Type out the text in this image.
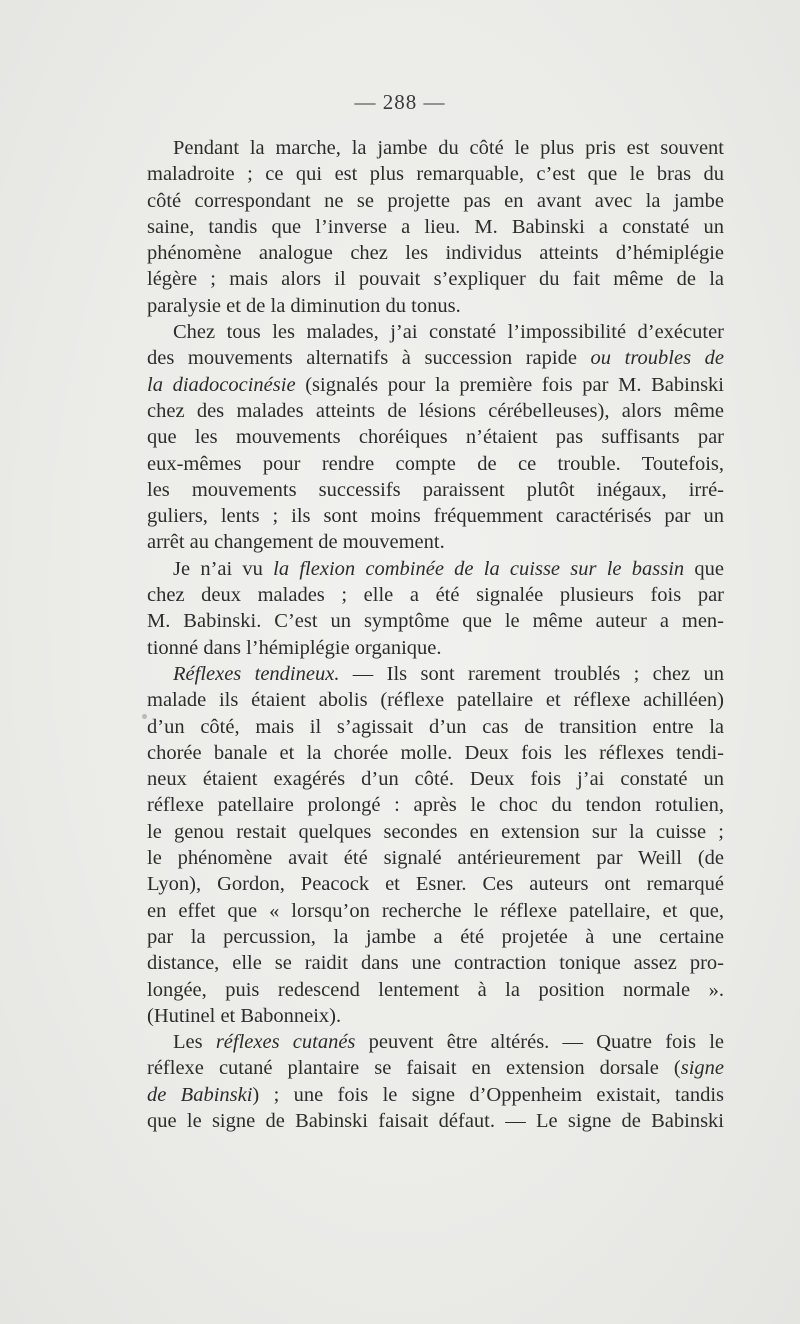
— 288 —

Pendant la marche, la jambe du côté le plus pris est souvent
maladroite ; ce qui est plus remarquable, c’est que le bras du
côté correspondant ne se projette pas en avant avec la jambe
saine, tandis que l’inverse a lieu. M. Babinski a constaté un
phénomène analogue chez les individus atteints d’hémiplégie
légère ; mais alors il pouvait s’expliquer du fait même de la
paralysie et de la diminution du tonus.

Chez tous les malades, j’ai constaté l’impossibilité d’exécuter
des mouvements alternatifs à succession rapide ou troubles de
la diadococinésie (signalés pour la première fois par M. Babinski
chez des malades atteints de lésions cérébelleuses), alors même
que les mouvements choréiques n’étaient pas suffisants par
eux-mêmes pour rendre compte de ce trouble. Toutefois,
les mouvements successifs paraissent plutôt inégaux, irré-
guliers, lents ; ils sont moins fréquemment caractérisés par un
arrêt au changement de mouvement.

Je n’ai vu la flexion combinée de la cuisse sur le bassin que
chez deux malades ; elle a été signalée plusieurs fois par
M. Babinski. C’est un symptôme que le même auteur a men-
tionné dans l’hémiplégie organique.

Réflexes tendineux. — Ils sont rarement troublés ; chez un
malade ils étaient abolis (réflexe patellaire et réflexe achilléen)
d’un côté, mais il s’agissait d’un cas de transition entre la
chorée banale et la chorée molle. Deux fois les réflexes tendi-
neux étaient exagérés d’un côté. Deux fois j’ai constaté un
réflexe patellaire prolongé : après le choc du tendon rotulien,
le genou restait quelques secondes en extension sur la cuisse ;
le phénomène avait été signalé antérieurement par Weill (de
Lyon), Gordon, Peacock et Esner. Ces auteurs ont remarqué
en effet que « lorsqu’on recherche le réflexe patellaire, et que,
par la percussion, la jambe a été projetée à une certaine
distance, elle se raidit dans une contraction tonique assez pro-
longée, puis redescend lentement à la position normale ».
(Hutinel et Babonneix).

Les réflexes cutanés peuvent être altérés. — Quatre fois le
réflexe cutané plantaire se faisait en extension dorsale (signe
de Babinski) ; une fois le signe d’Oppenheim existait, tandis
que le signe de Babinski faisait défaut. — Le signe de Babinski
